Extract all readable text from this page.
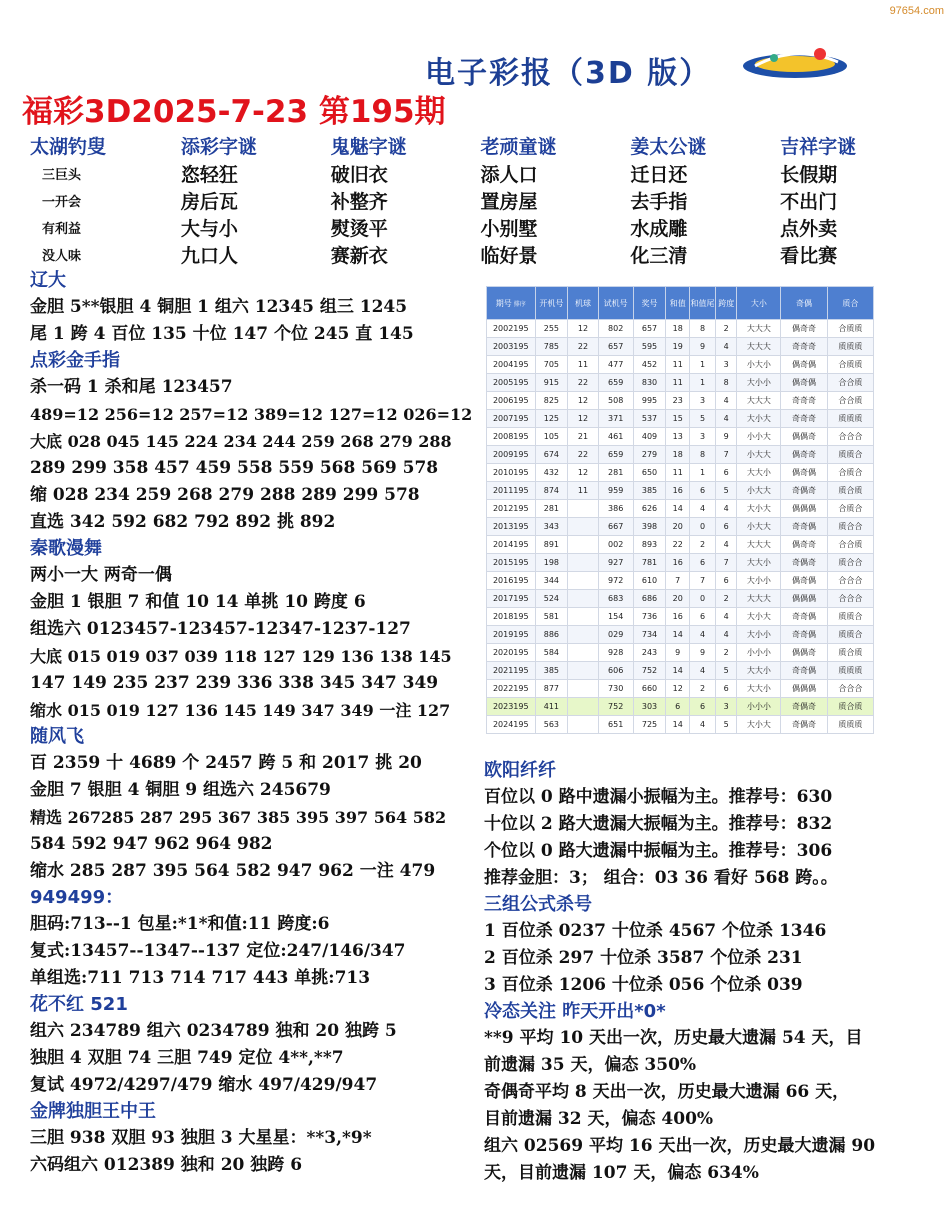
97654.com
电子彩报（3D 版）
福彩3D2025-7-23 第195期
太湖钓叟	添彩字谜	鬼魅字谜	老顽童谜	姜太公谜	吉祥字谜
三巨头	恣轻狂	破旧衣	添人口	迁日还	长假期
一开会	房后瓦	补整齐	置房屋	去手指	不出门
有利益	大与小	熨烫平	小别墅	水成雕	点外卖
没人味	九口人	赛新衣	临好景	化三清	看比赛
辽大
金胆 5**银胆 4 铜胆 1 组六 12345 组三 1245
尾 1 跨 4 百位 135 十位 147 个位 245 直 145
点彩金手指
杀一码 1 杀和尾 123457
489=12 256=12 257=12 389=12 127=12 026=12
大底 028 045 145 224 234 244 259 268 279 288
289 299 358 457 459 558 559 568 569 578
缩 028 234 259 268 279 288 289 299 578
直选 342 592 682 792 892 挑 892
秦歌漫舞
两小一大 两奇一偶
金胆 1 银胆 7 和值 10 14 单挑 10 跨度 6
组选六 0123457-123457-12347-1237-127
大底 015 019 037 039 118 127 129 136 138 145
147 149 235 237 239 336 338 345 347 349
缩水 015 019 127 136 145 149 347 349 一注 127
随风飞
百 2359 十 4689 个 2457 跨 5 和 2017 挑 20
金胆 7 银胆 4 铜胆 9 组选六 245679
精选 267285 287 295 367 385 395 397 564 582
584 592 947 962 964 982
缩水 285 287 395 564 582 947 962 一注 479
949499：
胆码:713--1 包星:*1*和值:11 跨度:6
复式:13457--1347--137 定位:247/146/347
单组选:711 713 714 717 443 单挑:713
花不红 521
组六 234789 组六 0234789 独和 20 独跨 5
独胆 4 双胆 74 三胆 749 定位 4**,**7
复试 4972/4297/479 缩水 497/429/947
金牌独胆王中王
三胆 938 双胆 93 独胆 3 大星星：**3,*9*
六码组六 012389 独和 20 独跨 6
欧阳纤纤
百位以 0 路中遗漏小振幅为主。推荐号：630
十位以 2 路大遗漏大振幅为主。推荐号：832
个位以 0 路大遗漏中振幅为主。推荐号：306
推荐金胆：3； 组合：03 36 看好 568 跨。。
三组公式杀号
1 百位杀 0237 十位杀 4567 个位杀 1346
2 百位杀 297 十位杀 3587 个位杀 231
3 百位杀 1206 十位杀 056 个位杀 039
冷态关注 昨天开出*0*
**9 平均 10 天出一次，历史最大遗漏 54 天，目
前遗漏 35 天，偏态 350%
奇偶奇平均 8 天出一次，历史最大遗漏 66 天，
目前遗漏 32 天，偏态 400%
组六 02569 平均 16 天出一次，历史最大遗漏 90
天，目前遗漏 107 天，偏态 634%
期号 排序	开机号	机球	试机号	奖号	和值	和值尾	跨度	大小	奇偶	质合
2002195	255	12	802	657	18	8	2	大大大	偶奇奇	合质质
2003195	785	22	657	595	19	9	4	大大大	奇奇奇	质质质
2004195	705	11	477	452	11	1	3	小大小	偶奇偶	合质质
2005195	915	22	659	830	11	1	8	大小小	偶奇偶	合合质
2006195	825	12	508	995	23	3	4	大大大	奇奇奇	合合质
2007195	125	12	371	537	15	5	4	大小大	奇奇奇	质质质
2008195	105	21	461	409	13	3	9	小小大	偶偶奇	合合合
2009195	674	22	659	279	18	8	7	小大大	偶奇奇	质质合
2010195	432	12	281	650	11	1	6	大大小	偶奇偶	合质合
2011195	874	11	959	385	16	6	5	小大大	奇偶奇	质合质
2012195	281		386	626	14	4	4	大小大	偶偶偶	合质合
2013195	343		667	398	20	0	6	小大大	奇奇偶	质合合
2014195	891		002	893	22	2	4	大大大	偶奇奇	合合质
2015195	198		927	781	16	6	7	大大小	奇偶奇	质合合
2016195	344		972	610	7	7	6	大小小	偶奇偶	合合合
2017195	524		683	686	20	0	2	大大大	偶偶偶	合合合
2018195	581		154	736	16	6	4	大小大	奇奇偶	质质合
2019195	886		029	734	14	4	4	大小小	奇奇偶	质质合
2020195	584		928	243	9	9	2	小小小	偶偶奇	质合质
2021195	385		606	752	14	4	5	大大小	奇奇偶	质质质
2022195	877		730	660	12	2	6	大大小	偶偶偶	合合合
2023195	411		752	303	6	6	3	小小小	奇偶奇	质合质
2024195	563		651	725	14	4	5	大小大	奇偶奇	质质质
